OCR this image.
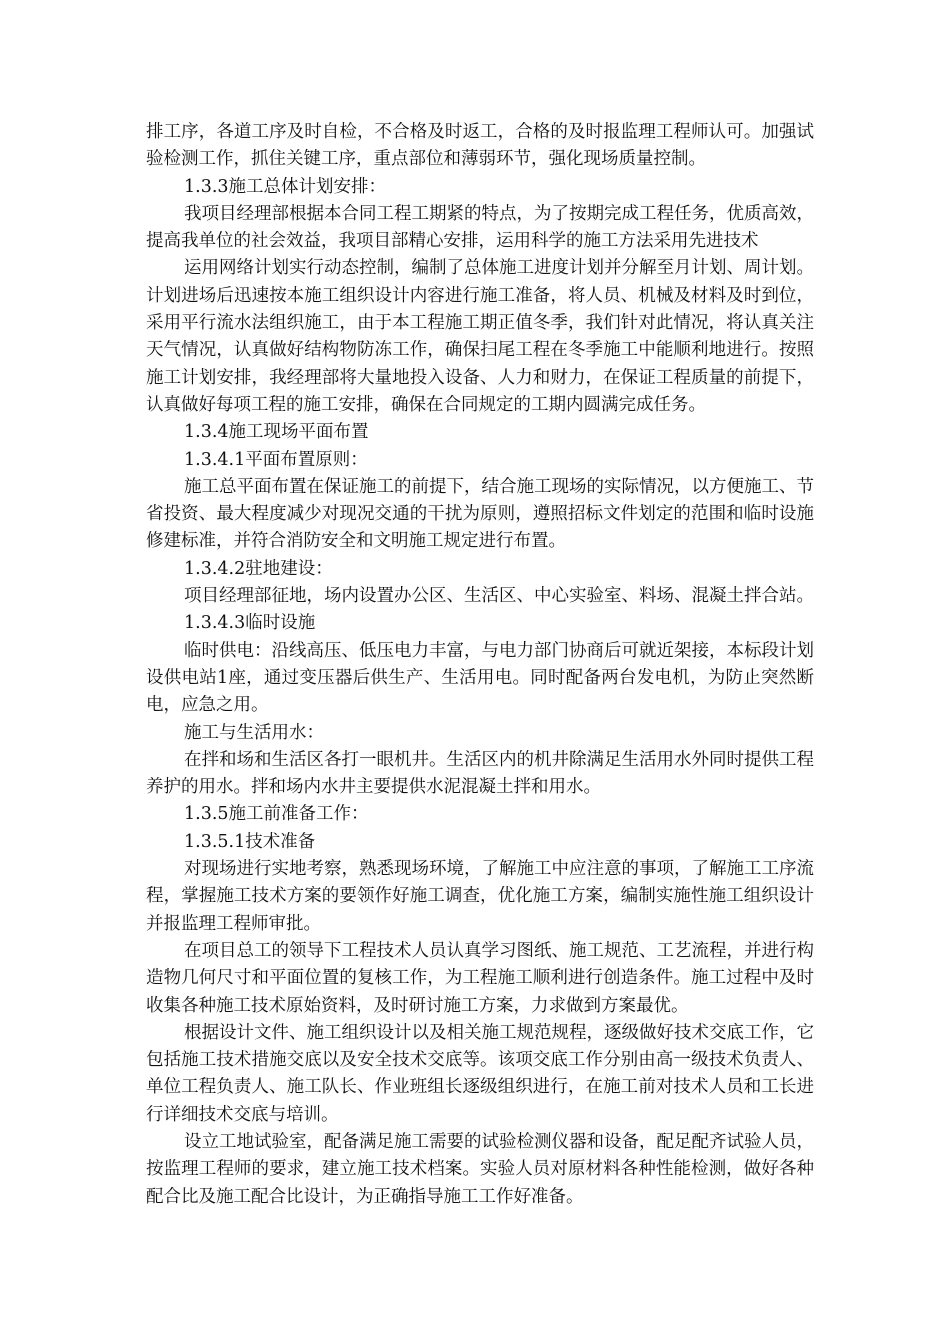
排工序，各道工序及时自检，不合格及时返工，合格的及时报监理工程师认可。加强试验检测工作，抓住关键工序，重点部位和薄弱环节，强化现场质量控制。

1.3.3施工总体计划安排：

我项目经理部根据本合同工程工期紧的特点，为了按期完成工程任务，优质高效，提高我单位的社会效益，我项目部精心安排，运用科学的施工方法采用先进技术

运用网络计划实行动态控制，编制了总体施工进度计划并分解至月计划、周计划。计划进场后迅速按本施工组织设计内容进行施工准备，将人员、机械及材料及时到位，采用平行流水法组织施工，由于本工程施工期正值冬季，我们针对此情况，将认真关注天气情况，认真做好结构物防冻工作，确保扫尾工程在冬季施工中能顺利地进行。按照施工计划安排，我经理部将大量地投入设备、人力和财力，在保证工程质量的前提下，认真做好每项工程的施工安排，确保在合同规定的工期内圆满完成任务。

1.3.4施工现场平面布置

1.3.4.1平面布置原则：

施工总平面布置在保证施工的前提下，结合施工现场的实际情况，以方便施工、节省投资、最大程度减少对现况交通的干扰为原则，遵照招标文件划定的范围和临时设施修建标准，并符合消防安全和文明施工规定进行布置。

1.3.4.2驻地建设：

项目经理部征地，场内设置办公区、生活区、中心实验室、料场、混凝土拌合站。

1.3.4.3临时设施

临时供电：沿线高压、低压电力丰富，与电力部门协商后可就近架接，本标段计划设供电站1座，通过变压器后供生产、生活用电。同时配备两台发电机，为防止突然断电，应急之用。

施工与生活用水：

在拌和场和生活区各打一眼机井。生活区内的机井除满足生活用水外同时提供工程养护的用水。拌和场内水井主要提供水泥混凝土拌和用水。

1.3.5施工前准备工作：

1.3.5.1技术准备

对现场进行实地考察，熟悉现场环境，了解施工中应注意的事项，了解施工工序流程，掌握施工技术方案的要领作好施工调查，优化施工方案，编制实施性施工组织设计并报监理工程师审批。

在项目总工的领导下工程技术人员认真学习图纸、施工规范、工艺流程，并进行构造物几何尺寸和平面位置的复核工作，为工程施工顺利进行创造条件。施工过程中及时收集各种施工技术原始资料，及时研讨施工方案，力求做到方案最优。

根据设计文件、施工组织设计以及相关施工规范规程，逐级做好技术交底工作，它包括施工技术措施交底以及安全技术交底等。该项交底工作分别由高一级技术负责人、单位工程负责人、施工队长、作业班组长逐级组织进行，在施工前对技术人员和工长进行详细技术交底与培训。

设立工地试验室，配备满足施工需要的试验检测仪器和设备，配足配齐试验人员，按监理工程师的要求，建立施工技术档案。实验人员对原材料各种性能检测，做好各种配合比及施工配合比设计，为正确指导施工工作好准备。
